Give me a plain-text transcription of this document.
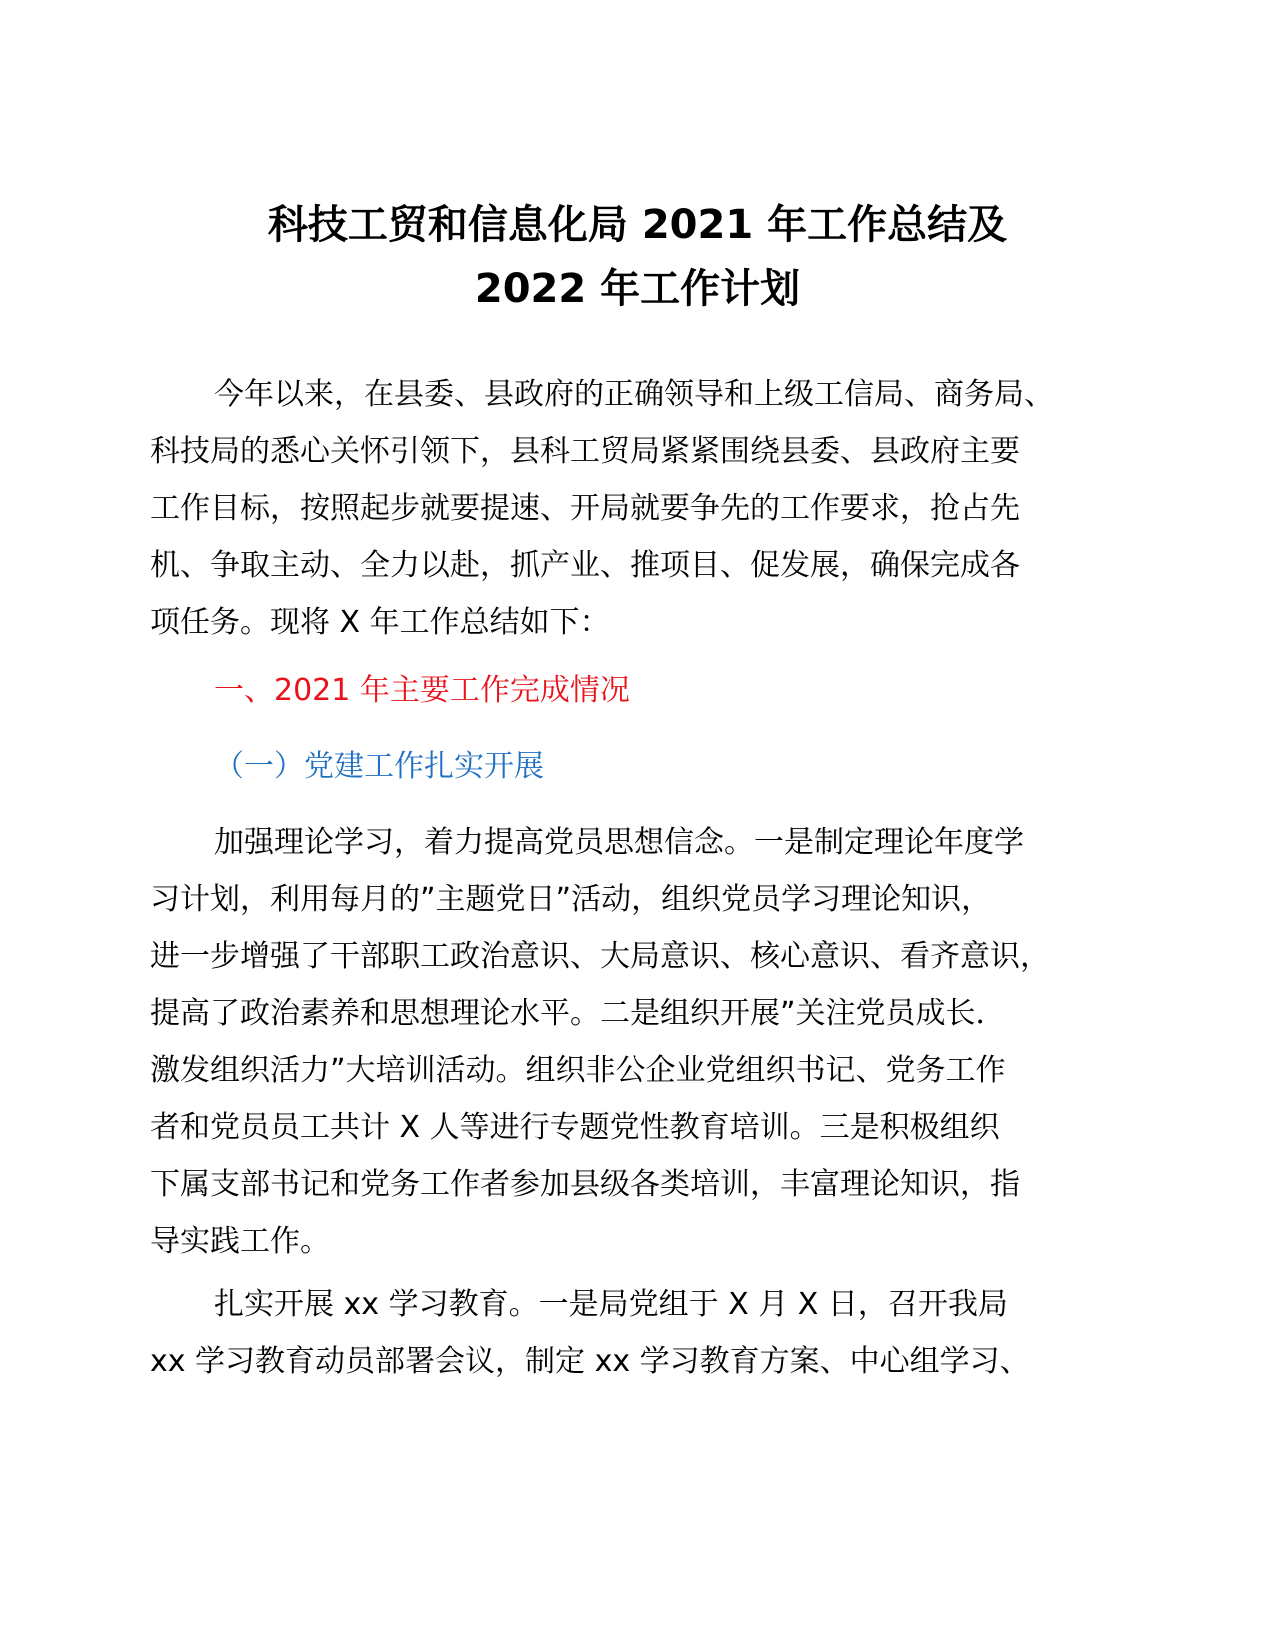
科技工贸和信息化局 2021 年工作总结及
2022 年工作计划
今年以来，在县委、县政府的正确领导和上级工信局、商务局、
科技局的悉心关怀引领下，县科工贸局紧紧围绕县委、县政府主要
工作目标，按照起步就要提速、开局就要争先的工作要求，抢占先
机、争取主动、全力以赴，抓产业、推项目、促发展，确保完成各
项任务。现将 X 年工作总结如下：
一、2021 年主要工作完成情况
（一）党建工作扎实开展
加强理论学习，着力提高党员思想信念。一是制定理论年度学
习计划，利用每月的”主题党日”活动，组织党员学习理论知识，
进一步增强了干部职工政治意识、大局意识、核心意识、看齐意识，
提高了政治素养和思想理论水平。二是组织开展”关注党员成长．
激发组织活力”大培训活动。组织非公企业党组织书记、党务工作
者和党员员工共计 X 人等进行专题党性教育培训。三是积极组织
下属支部书记和党务工作者参加县级各类培训，丰富理论知识，指
导实践工作。
扎实开展 xx 学习教育。一是局党组于 X 月 X 日，召开我局
xx 学习教育动员部署会议，制定 xx 学习教育方案、中心组学习、
